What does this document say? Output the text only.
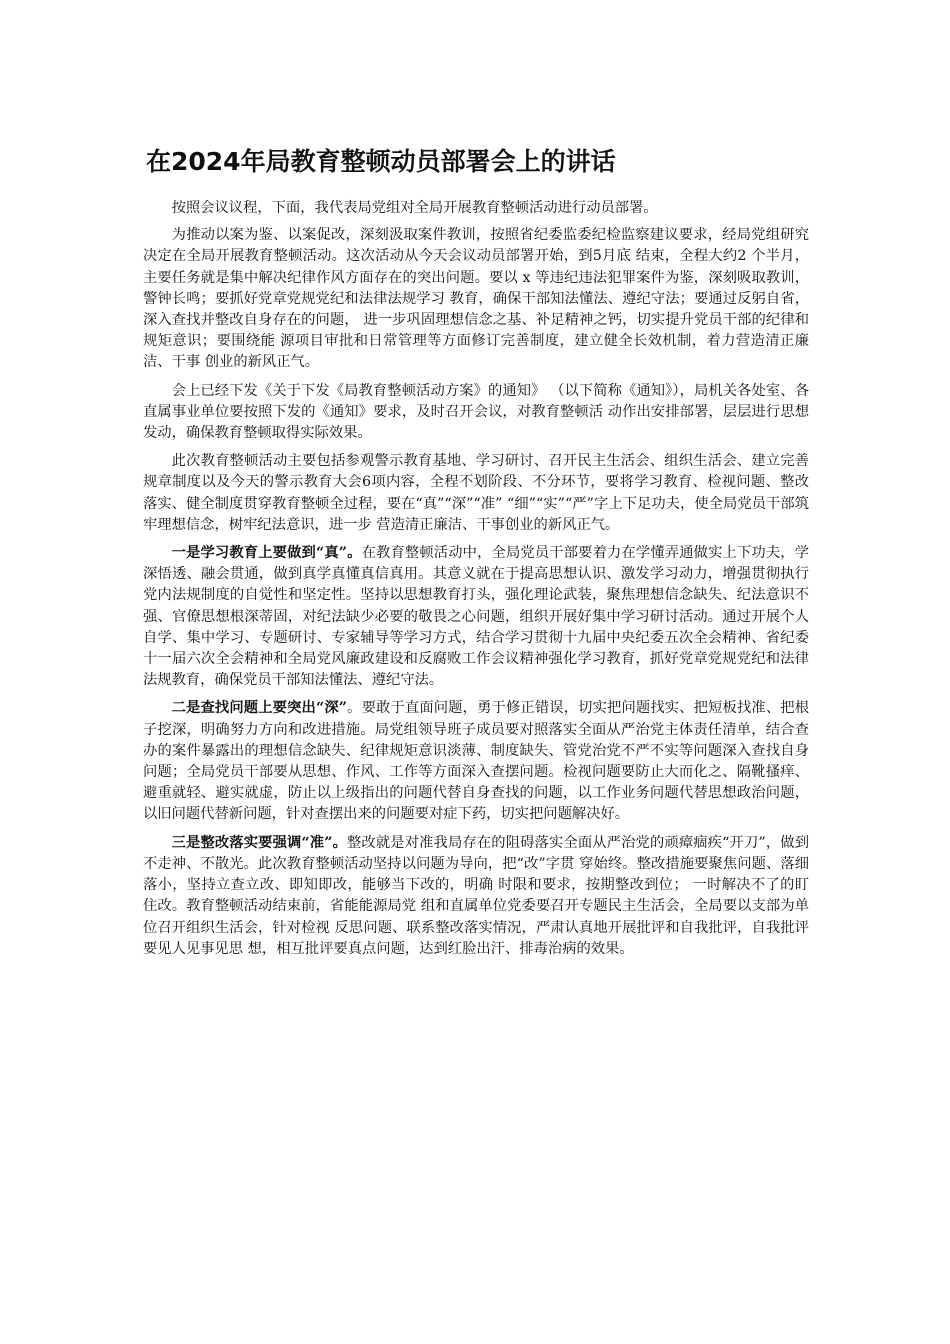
在2024年局教育整顿动员部署会上的讲话

按照会议议程，下面，我代表局党组对全局开展教育整顿活动进行动员部署。

为推动以案为鉴、以案促改，深刻汲取案件教训，按照省纪委监委纪检监察建议要求，经局党组研究决定在全局开展教育整顿活动。这次活动从今天会议动员部署开始，到5月底 结束，全程大约2 个半月，主要任务就是集中解决纪律作风方面存在的突出问题。要以 x 等违纪违法犯罪案件为鉴，深刻吸取教训，警钟长鸣；要抓好党章党规党纪和法律法规学习 教育，确保干部知法懂法、遵纪守法；要通过反躬自省，深入查找并整改自身存在的问题， 进一步巩固理想信念之基、补足精神之钙，切实提升党员干部的纪律和规矩意识；要围绕能 源项目审批和日常管理等方面修订完善制度，建立健全长效机制，着力营造清正廉洁、干事 创业的新风正气。

会上已经下发《关于下发《局教育整顿活动方案》的通知》 （以下简称《通知》），局机关各处室、各直属事业单位要按照下发的《通知》要求，及时召开会议，对教育整顿活 动作出安排部署，层层进行思想发动，确保教育整顿取得实际效果。

此次教育整顿活动主要包括参观警示教育基地、学习研讨、召开民主生活会、组织生活会、建立完善规章制度以及今天的警示教育大会6项内容，全程不划阶段、不分环节，要将学习教育、检视问题、整改落实、健全制度贯穿教育整顿全过程，要在“真”“深”“准” “细”“实”“严”字上下足功夫，使全局党员干部筑牢理想信念，树牢纪法意识，进一步 营造清正廉洁、干事创业的新风正气。

一是学习教育上要做到“真”。在教育整顿活动中，全局党员干部要着力在学懂弄通做实上下功夫，学深悟透、融会贯通，做到真学真懂真信真用。其意义就在于提高思想认识、激发学习动力，增强贯彻执行党内法规制度的自觉性和坚定性。坚持以思想教育打头，强化理论武装，聚焦理想信念缺失、纪法意识不强、官僚思想根深蒂固，对纪法缺少必要的敬畏之心问题，组织开展好集中学习研讨活动。通过开展个人自学、集中学习、专题研讨、专家辅导等学习方式，结合学习贯彻十九届中央纪委五次全会精神、省纪委十一届六次全会精神和全局党风廉政建设和反腐败工作会议精神强化学习教育，抓好党章党规党纪和法律法规教育，确保党员干部知法懂法、遵纪守法。

二是查找问题上要突出“深”。要敢于直面问题，勇于修正错误，切实把问题找实、把短板找准、把根子挖深，明确努力方向和改进措施。局党组领导班子成员要对照落实全面从严治党主体责任清单，结合查办的案件暴露出的理想信念缺失、纪律规矩意识淡薄、制度缺失、管党治党不严不实等问题深入查找自身问题；全局党员干部要从思想、作风、工作等方面深入查摆问题。检视问题要防止大而化之、隔靴搔痒、避重就轻、避实就虚，防止以上级指出的问题代替自身查找的问题，以工作业务问题代替思想政治问题，以旧问题代替新问题，针对查摆出来的问题要对症下药，切实把问题解决好。

三是整改落实要强调“准”。整改就是对准我局存在的阻碍落实全面从严治党的顽瘴痼疾“开刀”，做到不走神、不散光。此次教育整顿活动坚持以问题为导向，把“改”字贯 穿始终。整改措施要聚焦问题、落细落小，坚持立查立改、即知即改，能够当下改的，明确 时限和要求，按期整改到位； 一时解决不了的盯住改。教育整顿活动结束前，省能能源局党 组和直属单位党委要召开专题民主生活会，全局要以支部为单位召开组织生活会，针对检视 反思问题、联系整改落实情况，严肃认真地开展批评和自我批评，自我批评要见人见事见思 想，相互批评要真点问题，达到红脸出汗、排毒治病的效果。
